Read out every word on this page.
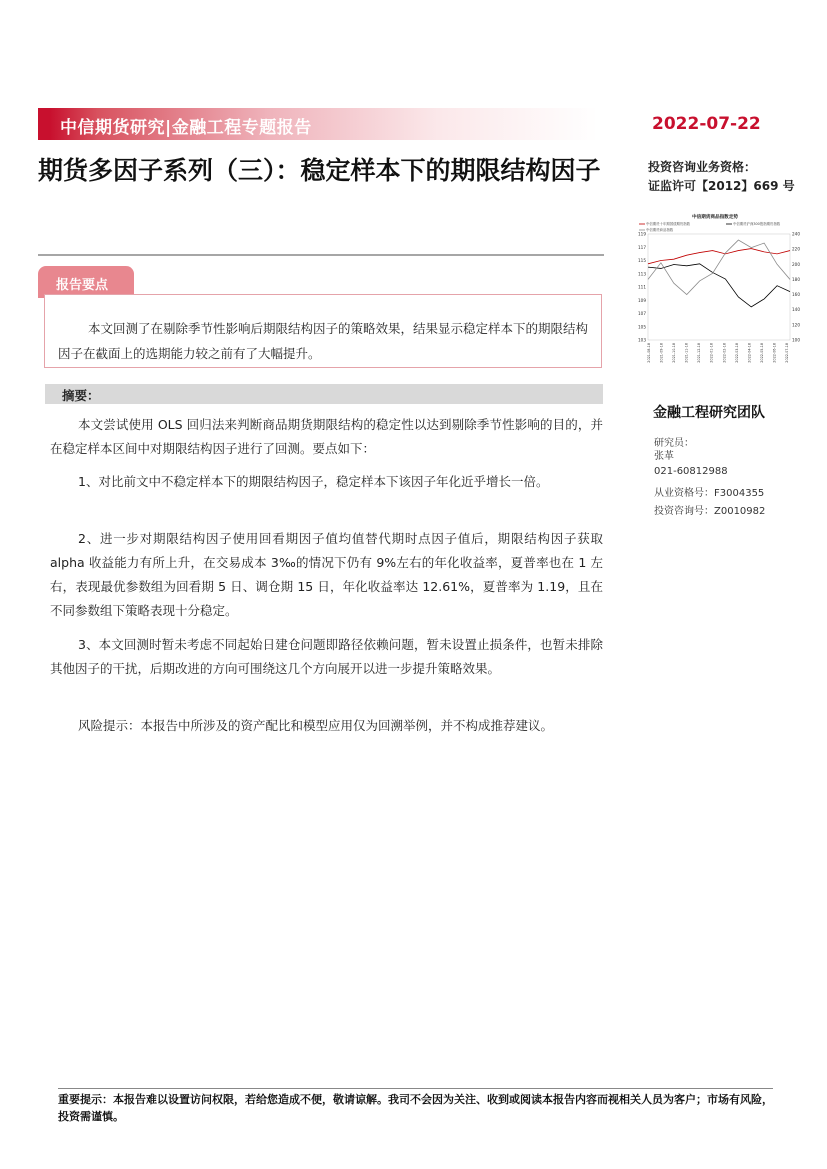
中信期货研究|金融工程专题报告	2022-07-22
期货多因子系列（三）：稳定样本下的期限结构因子	投资咨询业务资格：
证监许可【2012】669 号
报告要点
本文回测了在剔除季节性影响后期限结构因子的策略效果，结果显示稳定样本下的期限结构因子在截面上的选期能力较之前有了大幅提升。
摘要：
本文尝试使用 OLS 回归法来判断商品期货期限结构的稳定性以达到剔除季节性影响的目的，并在稳定样本区间中对期限结构因子进行了回测。要点如下：
1、对比前文中不稳定样本下的期限结构因子，稳定样本下该因子年化近乎增长一倍。
2、进一步对期限结构因子使用回看期因子值均值替代期时点因子值后，期限结构因子获取 alpha 收益能力有所上升，在交易成本 3‰的情况下仍有 9%左右的年化收益率，夏普率也在 1 左右，表现最优参数组为回看期 5 日、调仓期 15 日，年化收益率达 12.61%，夏普率为 1.19，且在不同参数组下策略表现十分稳定。
3、本文回测时暂未考虑不同起始日建仓问题即路径依赖问题，暂未设置止损条件，也暂未排除其他因子的干扰，后期改进的方向可围绕这几个方向展开以进一步提升策略效果。
风险提示：本报告中所涉及的资产配比和模型应用仅为回溯举例，并不构成推荐建议。
中信期货商品指数走势
中信期货十年期国债期货指数	中信期货沪深300股指期货指数
中信期货商品指数
119
117
115
113
111
109
107
105
103
240
220
200
180
160
140
120
100
2021-08-18	2021-09-18	2021-10-18	2021-11-18	2021-12-18	2022-01-18	2022-02-18	2022-03-18	2022-04-18	2022-05-18	2022-06-18	2022-07-18
金融工程研究团队
研究员：
张革
021-60812988
从业资格号：F3004355
投资咨询号：Z0010982
重要提示：本报告难以设置访问权限，若给您造成不便，敬请谅解。我司不会因为关注、收到或阅读本报告内容而视相关人员为客户；市场有风险，投资需谨慎。
